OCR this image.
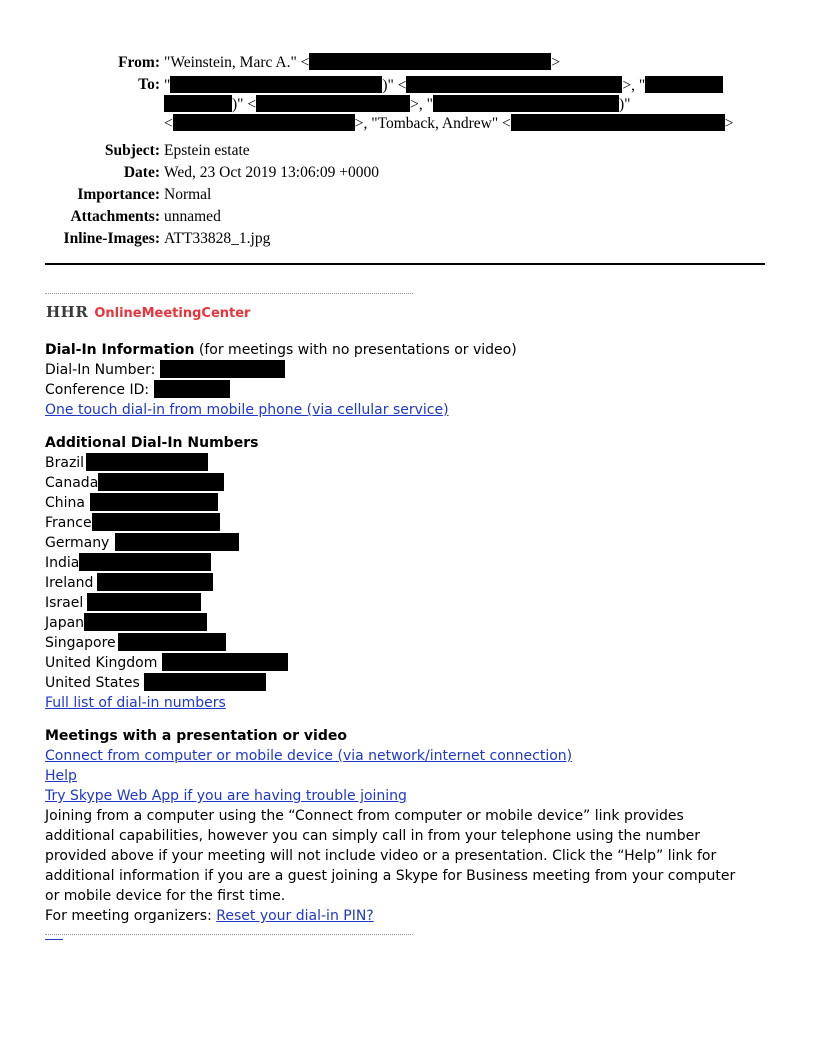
From: "Weinstein, Marc A." <	>
To: "	)" <	>, "
)" <	>, "	)"
<	>, "Tomback, Andrew" <	>
Subject: Epstein estate
Date: Wed, 23 Oct 2019 13:06:09 +0000
Importance: Normal
Attachments: unnamed
Inline-Images: ATT33828_1.jpg
HHR OnlineMeetingCenter
Dial-In Information (for meetings with no presentations or video)
Dial-In Number:
Conference ID:
One touch dial-in from mobile phone (via cellular service)
Additional Dial-In Numbers
Brazil
Canada
China
France
Germany
India
Ireland
Israel
Japan
Singapore
United Kingdom
United States
Full list of dial-in numbers
Meetings with a presentation or video
Connect from computer or mobile device (via network/internet connection)
Help
Try Skype Web App if you are having trouble joining
Joining from a computer using the “Connect from computer or mobile device” link provides additional capabilities, however you can simply call in from your telephone using the number provided above if your meeting will not include video or a presentation. Click the “Help” link for additional information if you are a guest joining a Skype for Business meeting from your computer or mobile device for the first time.
For meeting organizers: Reset your dial-in PIN?
